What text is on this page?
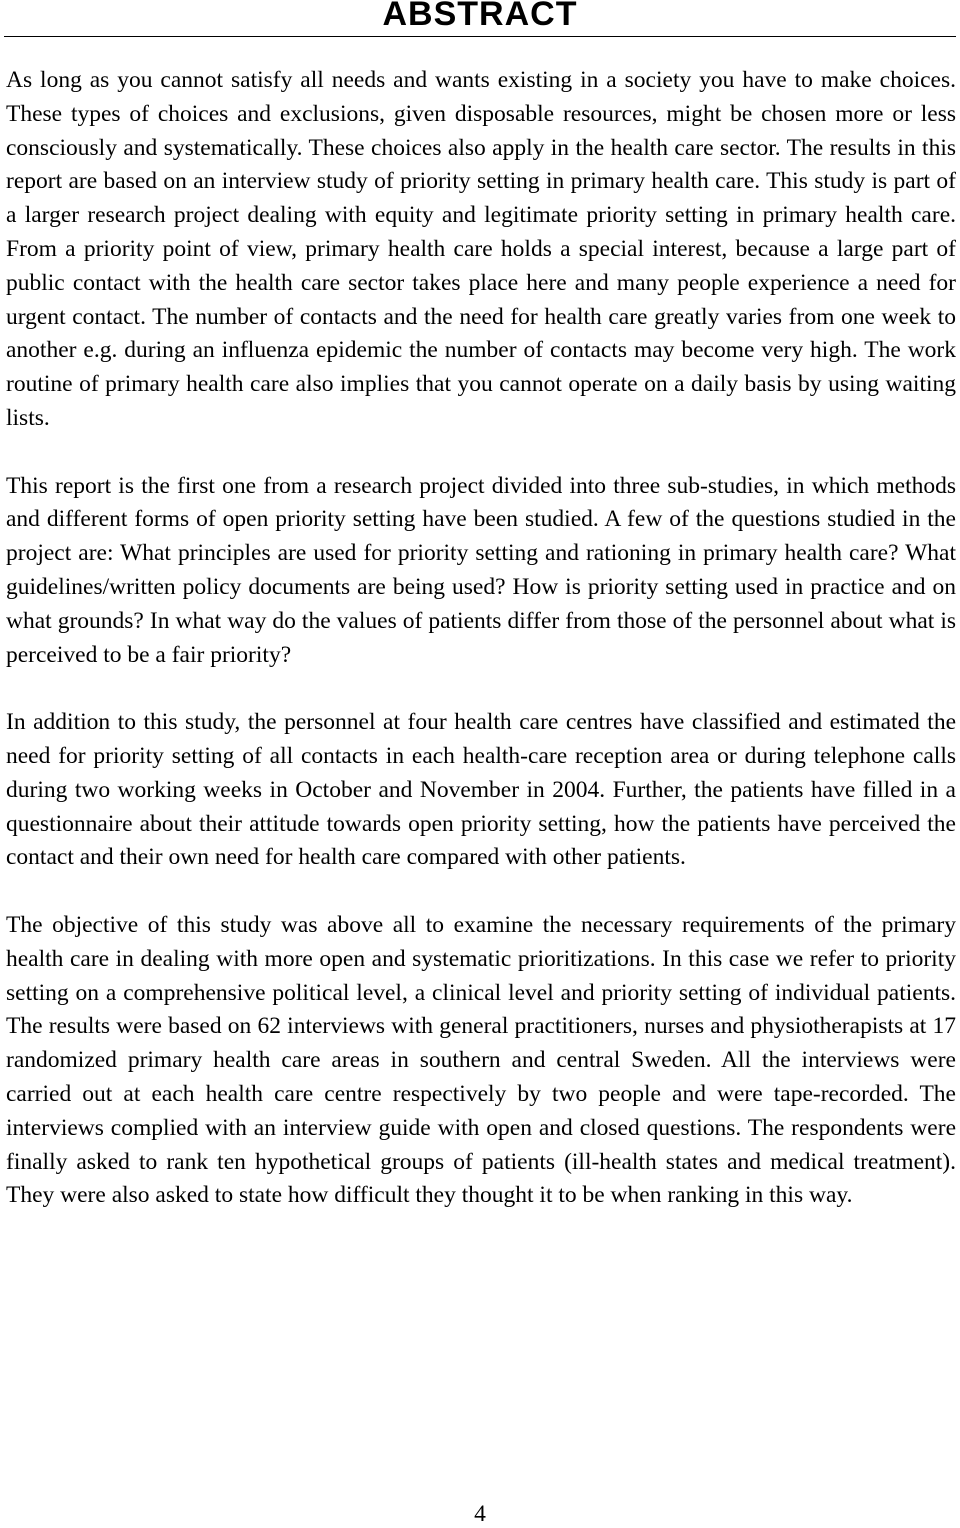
ABSTRACT

As long as you cannot satisfy all needs and wants existing in a society you have to make choices. These types of choices and exclusions, given disposable resources, might be chosen more or less consciously and systematically. These choices also apply in the health care sector. The results in this report are based on an interview study of priority setting in primary health care. This study is part of a larger research project dealing with equity and legitimate priority setting in primary health care. From a priority point of view, primary health care holds a special interest, because a large part of public contact with the health care sector takes place here and many people experience a need for urgent contact. The number of contacts and the need for health care greatly varies from one week to another e.g. during an influenza epidemic the number of contacts may become very high. The work routine of primary health care also implies that you cannot operate on a daily basis by using waiting lists.

This report is the first one from a research project divided into three sub-studies, in which methods and different forms of open priority setting have been studied. A few of the questions studied in the project are: What principles are used for priority setting and rationing in primary health care? What guidelines/written policy documents are being used? How is priority setting used in practice and on what grounds? In what way do the values of patients differ from those of the personnel about what is perceived to be a fair priority?

In addition to this study, the personnel at four health care centres have classified and estimated the need for priority setting of all contacts in each health-care reception area or during telephone calls during two working weeks in October and November in 2004. Further, the patients have filled in a questionnaire about their attitude towards open priority setting, how the patients have perceived the contact and their own need for health care compared with other patients.

The objective of this study was above all to examine the necessary requirements of the primary health care in dealing with more open and systematic prioritizations. In this case we refer to priority setting on a comprehensive political level, a clinical level and priority setting of individual patients. The results were based on 62 interviews with general practitioners, nurses and physiotherapists at 17 randomized primary health care areas in southern and central Sweden. All the interviews were carried out at each health care centre respectively by two people and were tape-recorded. The interviews complied with an interview guide with open and closed questions. The respondents were finally asked to rank ten hypothetical groups of patients (ill-health states and medical treatment). They were also asked to state how difficult they thought it to be when ranking in this way.

4
